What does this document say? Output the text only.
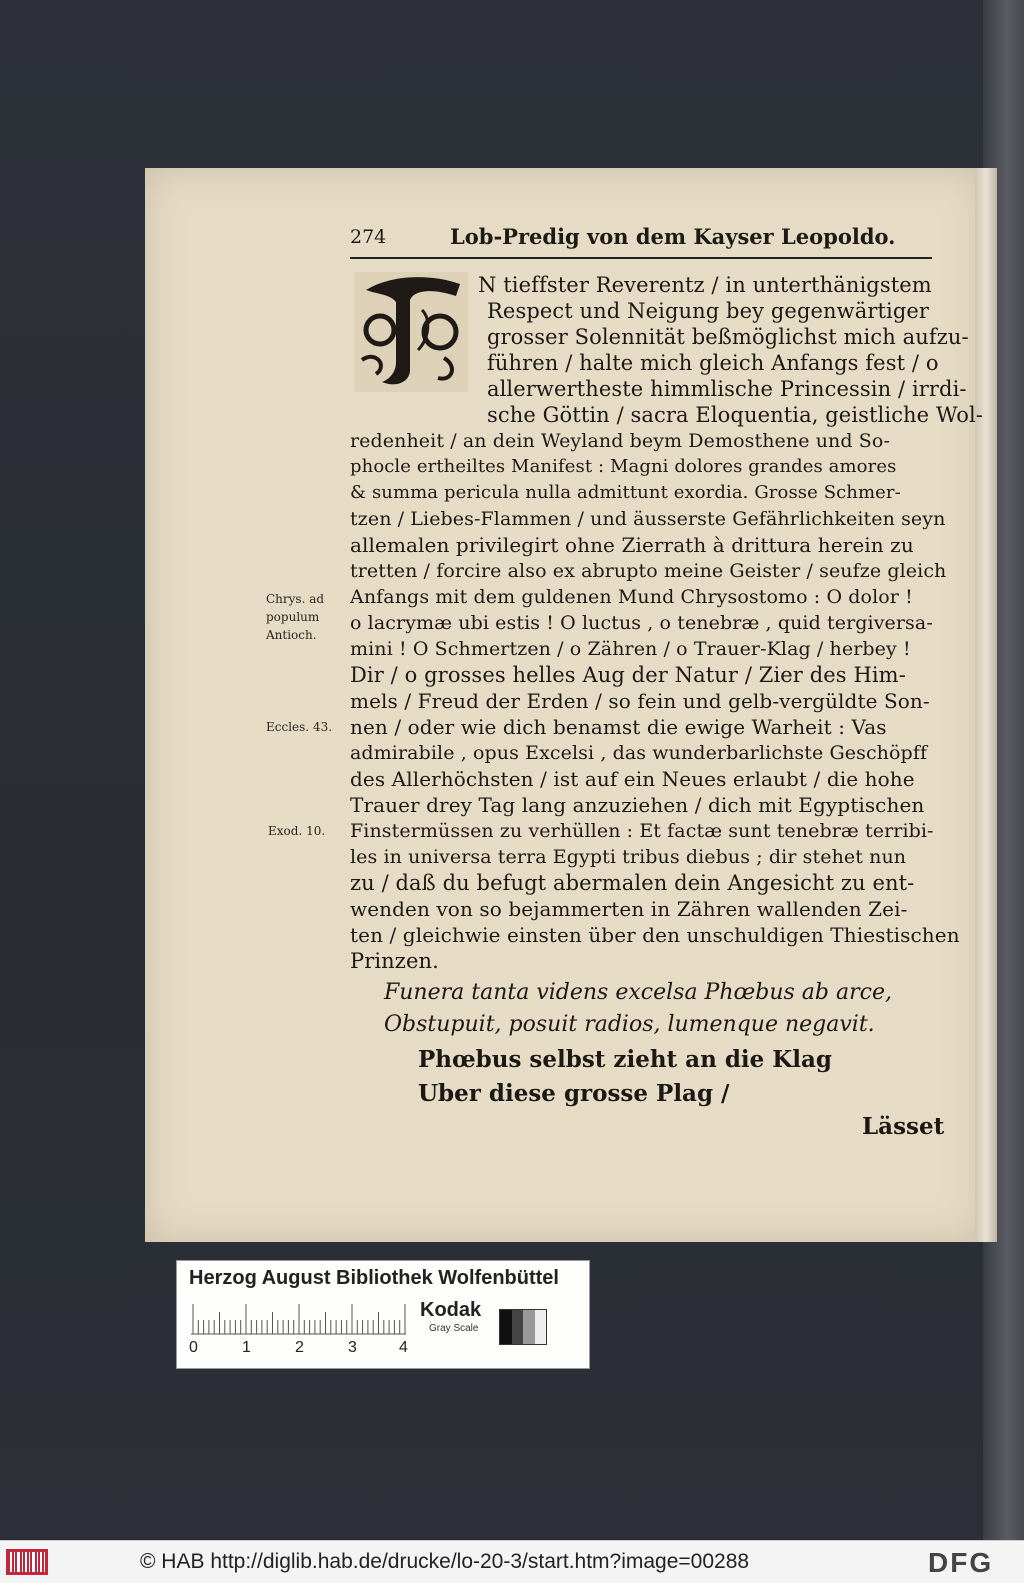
274	Lob-Predig von dem Kayser Leopoldo.
N tieffster Reverentz / in unterthänigstem
Respect und Neigung bey gegenwärtiger
grosser Solennität beßmöglichst mich aufzu-
führen / halte mich gleich Anfangs fest / o
allerwertheste himmlische Princessin / irrdi-
sche Göttin / sacra Eloquentia, geistliche Wol-
redenheit / an dein Weyland beym Demosthene und So-
phocle ertheiltes Manifest : Magni dolores grandes amores
& summa pericula nulla admittunt exordia. Grosse Schmer-
tzen / Liebes-Flammen / und äusserste Gefährlichkeiten seyn
allemalen privilegirt ohne Zierrath à drittura herein zu
tretten / forcire also ex abrupto meine Geister / seufze gleich
Anfangs mit dem guldenen Mund Chrysostomo : O dolor !
o lacrymæ ubi estis ! O luctus , o tenebræ , quid tergiversa-
mini ! O Schmertzen / o Zähren / o Trauer-Klag / herbey !
Dir / o grosses helles Aug der Natur / Zier des Him-
mels / Freud der Erden / so fein und gelb-vergüldte Son-
nen / oder wie dich benamst die ewige Warheit : Vas
admirabile , opus Excelsi , das wunderbarlichste Geschöpff
des Allerhöchsten / ist auf ein Neues erlaubt / die hohe
Trauer drey Tag lang anzuziehen / dich mit Egyptischen
Finstermüssen zu verhüllen : Et factæ sunt tenebræ terribi-
les in universa terra Egypti tribus diebus ; dir stehet nun
zu / daß du befugt abermalen dein Angesicht zu ent-
wenden von so bejammerten in Zähren wallenden Zei-
ten / gleichwie einsten über den unschuldigen Thiestischen
Prinzen.
Chrys. ad
populum
Antioch.
Eccles. 43.
Exod. 10.
Funera tanta videns excelsa Phœbus ab arce,
Obstupuit, posuit radios, lumenque negavit.
Phœbus selbst zieht an die Klag
Uber diese grosse Plag /
Lässet
Herzog August Bibliothek Wolfenbüttel
0	1	2	3	4
Kodak
Gray Scale
© HAB http://diglib.hab.de/drucke/lo-20-3/start.htm?image=00288	DFG
